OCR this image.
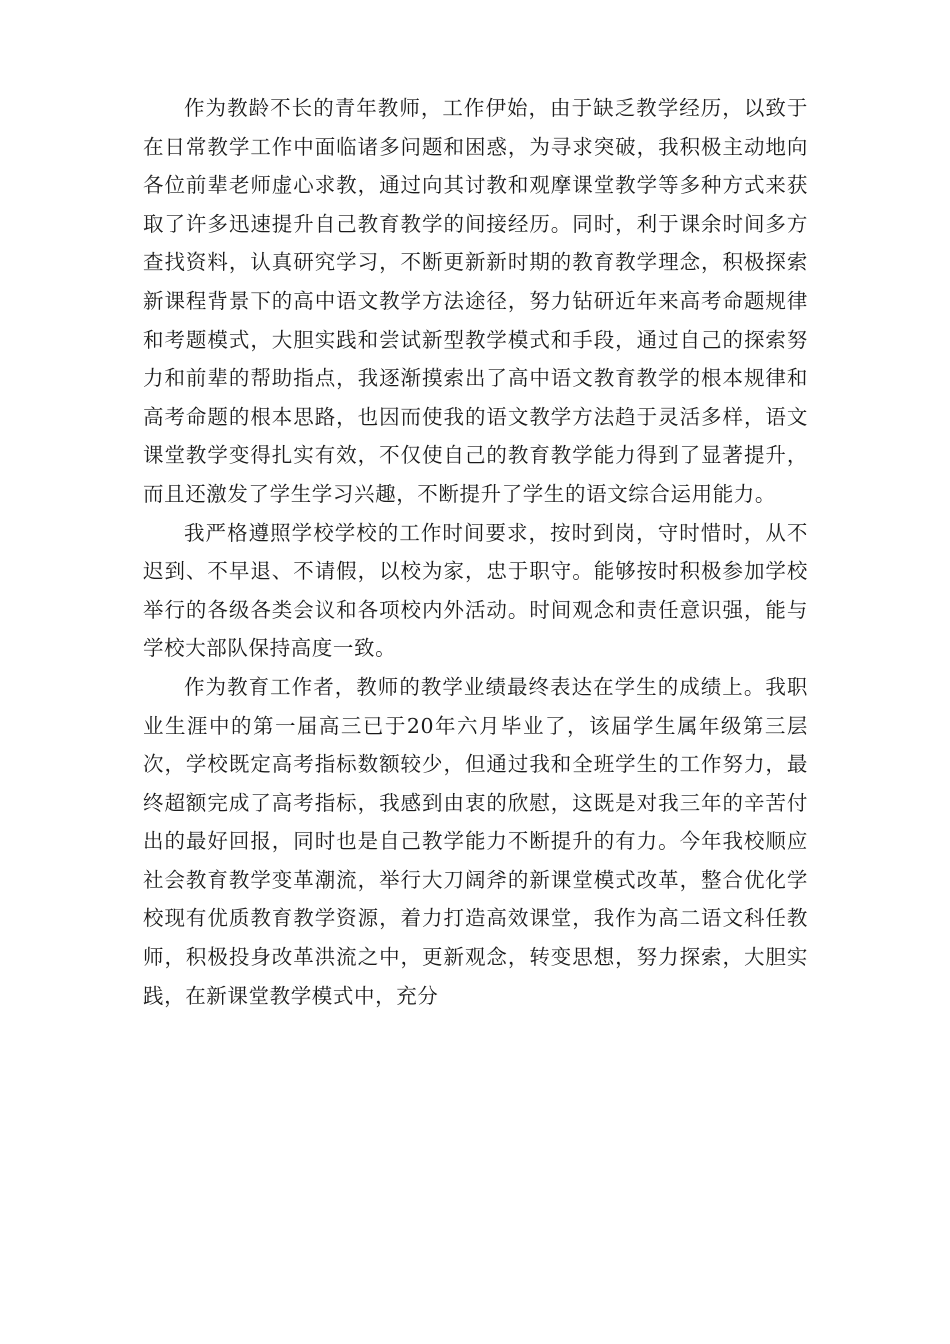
作为教龄不长的青年教师，工作伊始，由于缺乏教学经历，以致于在日常教学工作中面临诸多问题和困惑，为寻求突破，我积极主动地向各位前辈老师虚心求教，通过向其讨教和观摩课堂教学等多种方式来获取了许多迅速提升自己教育教学的间接经历。同时，利于课余时间多方查找资料，认真研究学习，不断更新新时期的教育教学理念，积极探索新课程背景下的高中语文教学方法途径，努力钻研近年来高考命题规律和考题模式，大胆实践和尝试新型教学模式和手段，通过自己的探索努力和前辈的帮助指点，我逐渐摸索出了高中语文教育教学的根本规律和高考命题的根本思路，也因而使我的语文教学方法趋于灵活多样，语文课堂教学变得扎实有效，不仅使自己的教育教学能力得到了显著提升，而且还激发了学生学习兴趣，不断提升了学生的语文综合运用能力。

我严格遵照学校学校的工作时间要求，按时到岗，守时惜时，从不迟到、不早退、不请假，以校为家，忠于职守。能够按时积极参加学校举行的各级各类会议和各项校内外活动。时间观念和责任意识强，能与学校大部队保持高度一致。

作为教育工作者，教师的教学业绩最终表达在学生的成绩上。我职业生涯中的第一届高三已于20年六月毕业了，该届学生属年级第三层次，学校既定高考指标数额较少，但通过我和全班学生的工作努力，最终超额完成了高考指标，我感到由衷的欣慰，这既是对我三年的辛苦付出的最好回报，同时也是自己教学能力不断提升的有力。今年我校顺应社会教育教学变革潮流，举行大刀阔斧的新课堂模式改革，整合优化学校现有优质教育教学资源，着力打造高效课堂，我作为高二语文科任教师，积极投身改革洪流之中，更新观念，转变思想，努力探索，大胆实践，在新课堂教学模式中，充分
